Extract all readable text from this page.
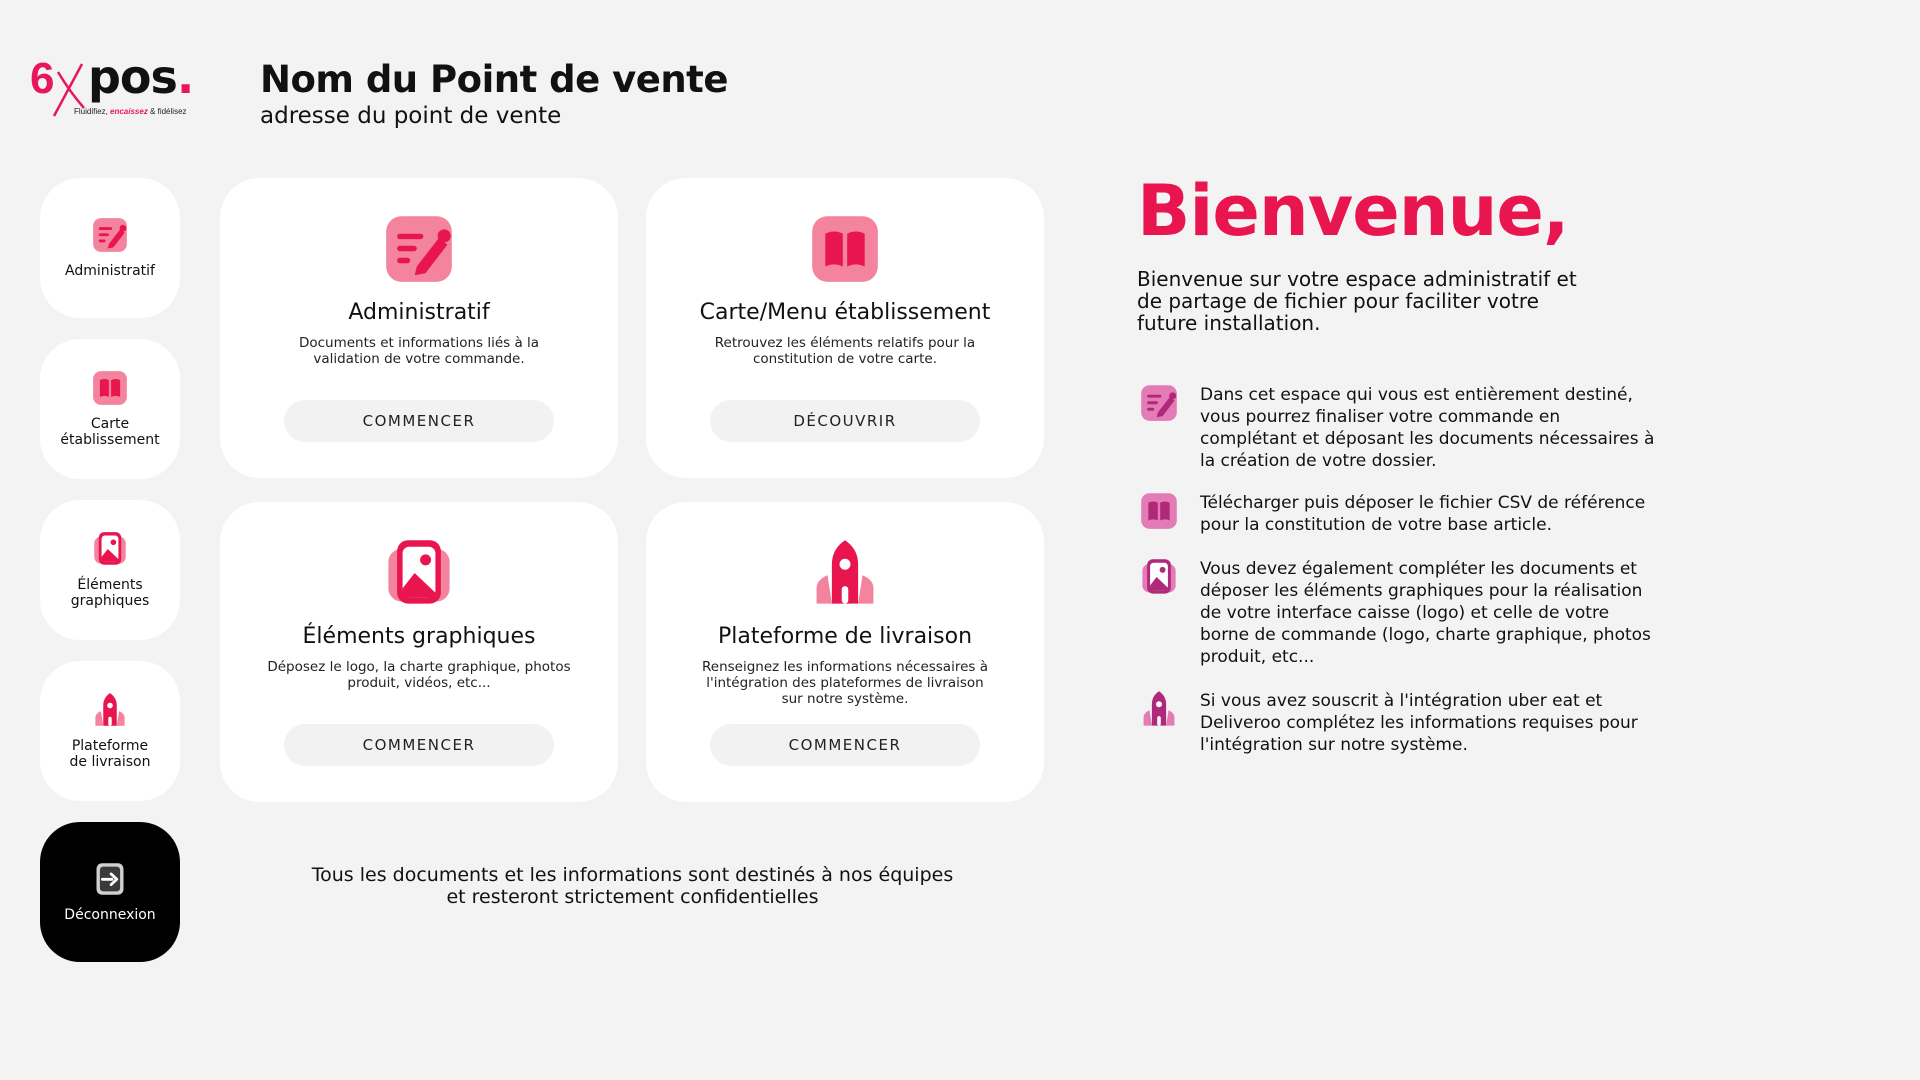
6 pos.
Fluidifiez, encaissez & fidélisez
Nom du Point de vente
adresse du point de vente
Administratif
Carte
établissement
Éléments
graphiques
Plateforme
de livraison
Déconnexion
Administratif
Documents et informations liés à la
validation de votre commande.
COMMENCER
Carte/Menu établissement
Retrouvez les éléments relatifs pour la
constitution de votre carte.
DÉCOUVRIR
Éléments graphiques
Déposez le logo, la charte graphique, photos
produit, vidéos, etc...
COMMENCER
Plateforme de livraison
Renseignez les informations nécessaires à
l'intégration des plateformes de livraison
sur notre système.
COMMENCER
Tous les documents et les informations sont destinés à nos équipes
et resteront strictement confidentielles
Bienvenue,
Bienvenue sur votre espace administratif et
de partage de fichier pour faciliter votre
future installation.
Dans cet espace qui vous est entièrement destiné,
vous pourrez finaliser votre commande en
complétant et déposant les documents nécessaires à
la création de votre dossier.
Télécharger puis déposer le fichier CSV de référence
pour la constitution de votre base article.
Vous devez également compléter les documents et
déposer les éléments graphiques pour la réalisation
de votre interface caisse (logo) et celle de votre
borne de commande (logo, charte graphique, photos
produit, etc...
Si vous avez souscrit à l'intégration uber eat et
Deliveroo complétez les informations requises pour
l'intégration sur notre système.
